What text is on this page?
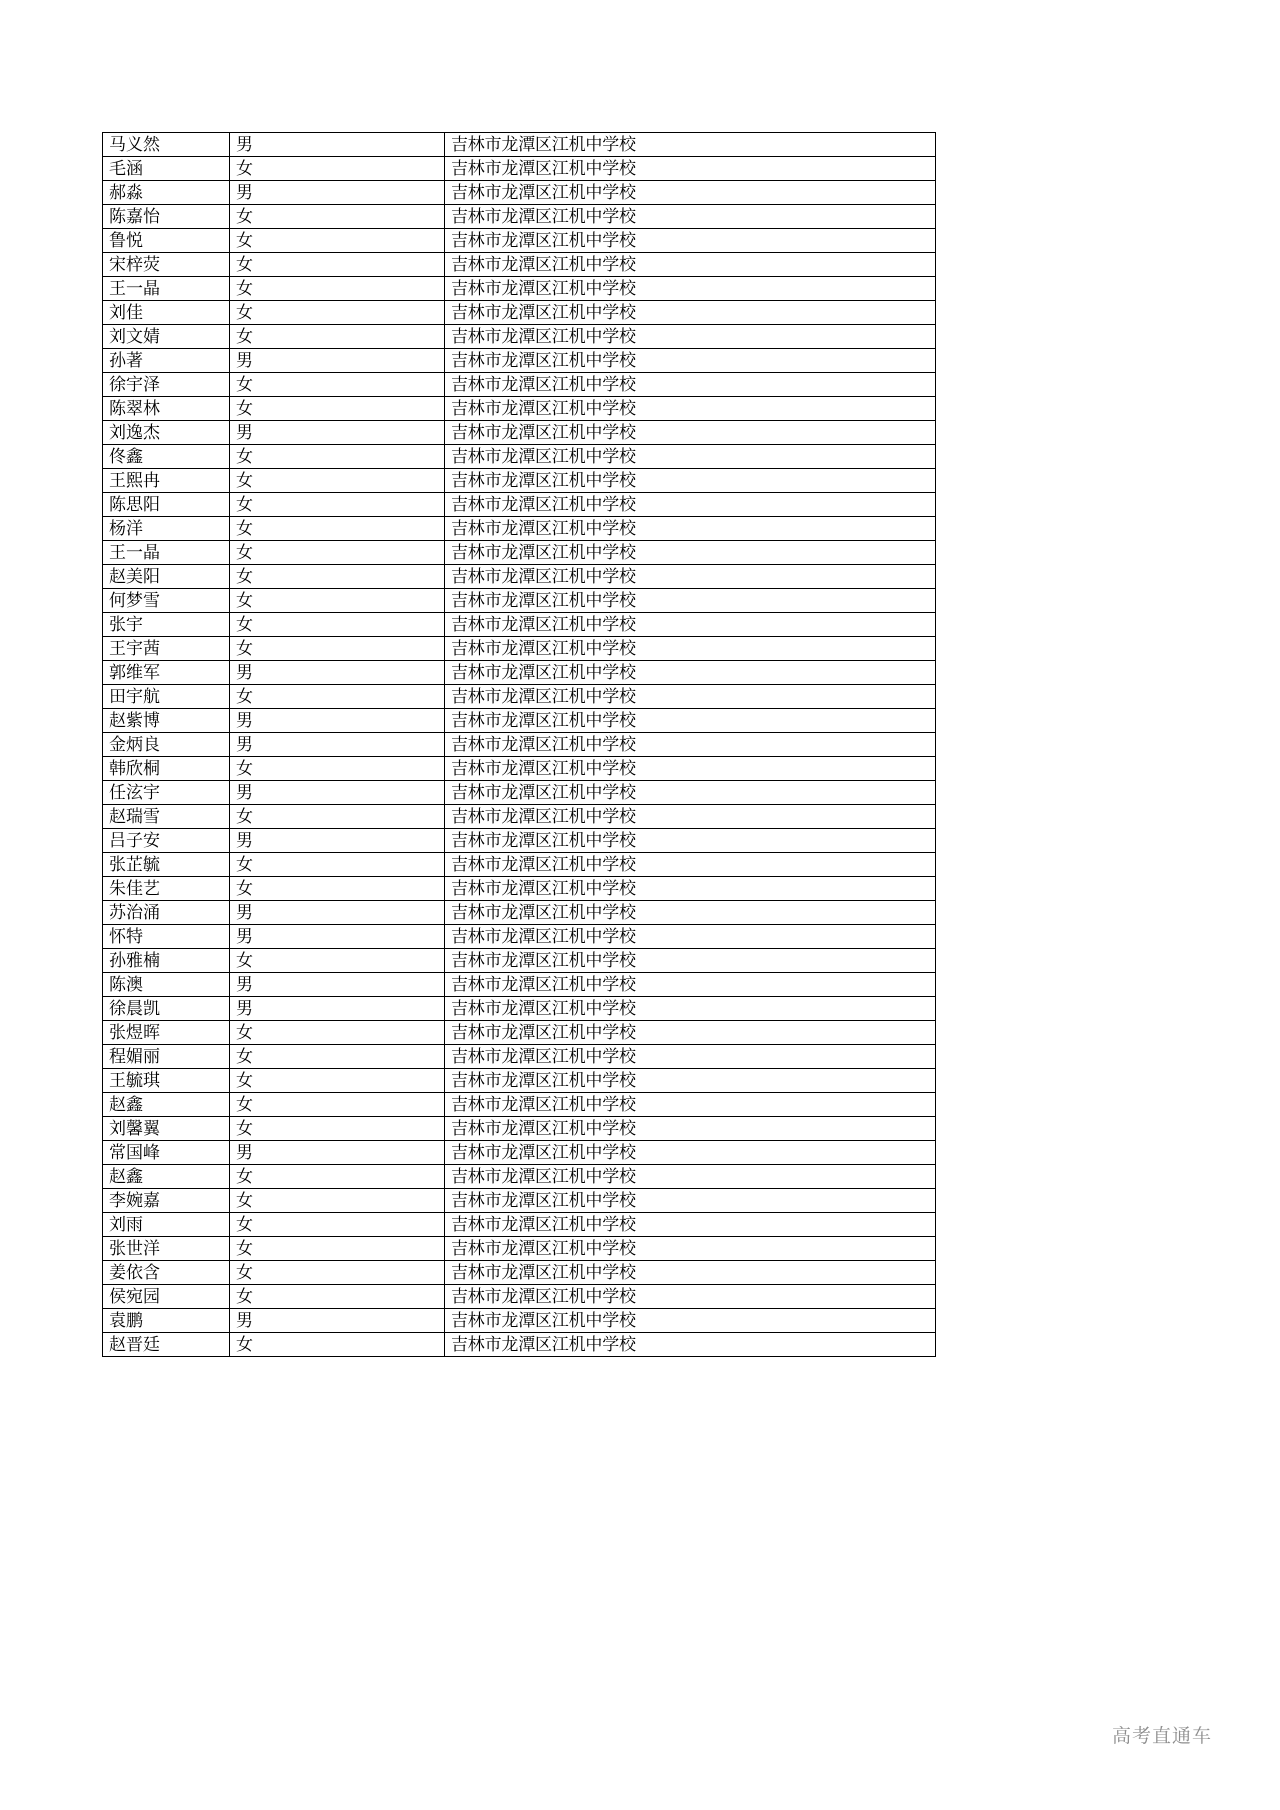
马义然	男	吉林市龙潭区江机中学校
毛涵	女	吉林市龙潭区江机中学校
郝淼	男	吉林市龙潭区江机中学校
陈嘉怡	女	吉林市龙潭区江机中学校
鲁悦	女	吉林市龙潭区江机中学校
宋梓荧	女	吉林市龙潭区江机中学校
王一晶	女	吉林市龙潭区江机中学校
刘佳	女	吉林市龙潭区江机中学校
刘文婧	女	吉林市龙潭区江机中学校
孙著	男	吉林市龙潭区江机中学校
徐宇泽	女	吉林市龙潭区江机中学校
陈翠林	女	吉林市龙潭区江机中学校
刘逸杰	男	吉林市龙潭区江机中学校
佟鑫	女	吉林市龙潭区江机中学校
王熙冉	女	吉林市龙潭区江机中学校
陈思阳	女	吉林市龙潭区江机中学校
杨洋	女	吉林市龙潭区江机中学校
王一晶	女	吉林市龙潭区江机中学校
赵美阳	女	吉林市龙潭区江机中学校
何梦雪	女	吉林市龙潭区江机中学校
张宇	女	吉林市龙潭区江机中学校
王宇茜	女	吉林市龙潭区江机中学校
郭维军	男	吉林市龙潭区江机中学校
田宇航	女	吉林市龙潭区江机中学校
赵紫博	男	吉林市龙潭区江机中学校
金炳良	男	吉林市龙潭区江机中学校
韩欣桐	女	吉林市龙潭区江机中学校
任泫宇	男	吉林市龙潭区江机中学校
赵瑞雪	女	吉林市龙潭区江机中学校
吕子安	男	吉林市龙潭区江机中学校
张芷毓	女	吉林市龙潭区江机中学校
朱佳艺	女	吉林市龙潭区江机中学校
苏治涌	男	吉林市龙潭区江机中学校
怀特	男	吉林市龙潭区江机中学校
孙雅楠	女	吉林市龙潭区江机中学校
陈澳	男	吉林市龙潭区江机中学校
徐晨凯	男	吉林市龙潭区江机中学校
张煜晖	女	吉林市龙潭区江机中学校
程媚丽	女	吉林市龙潭区江机中学校
王毓琪	女	吉林市龙潭区江机中学校
赵鑫	女	吉林市龙潭区江机中学校
刘馨翼	女	吉林市龙潭区江机中学校
常国峰	男	吉林市龙潭区江机中学校
赵鑫	女	吉林市龙潭区江机中学校
李婉嘉	女	吉林市龙潭区江机中学校
刘雨	女	吉林市龙潭区江机中学校
张世洋	女	吉林市龙潭区江机中学校
姜依含	女	吉林市龙潭区江机中学校
侯宛园	女	吉林市龙潭区江机中学校
袁鹏	男	吉林市龙潭区江机中学校
赵晋廷	女	吉林市龙潭区江机中学校
高考直通车
